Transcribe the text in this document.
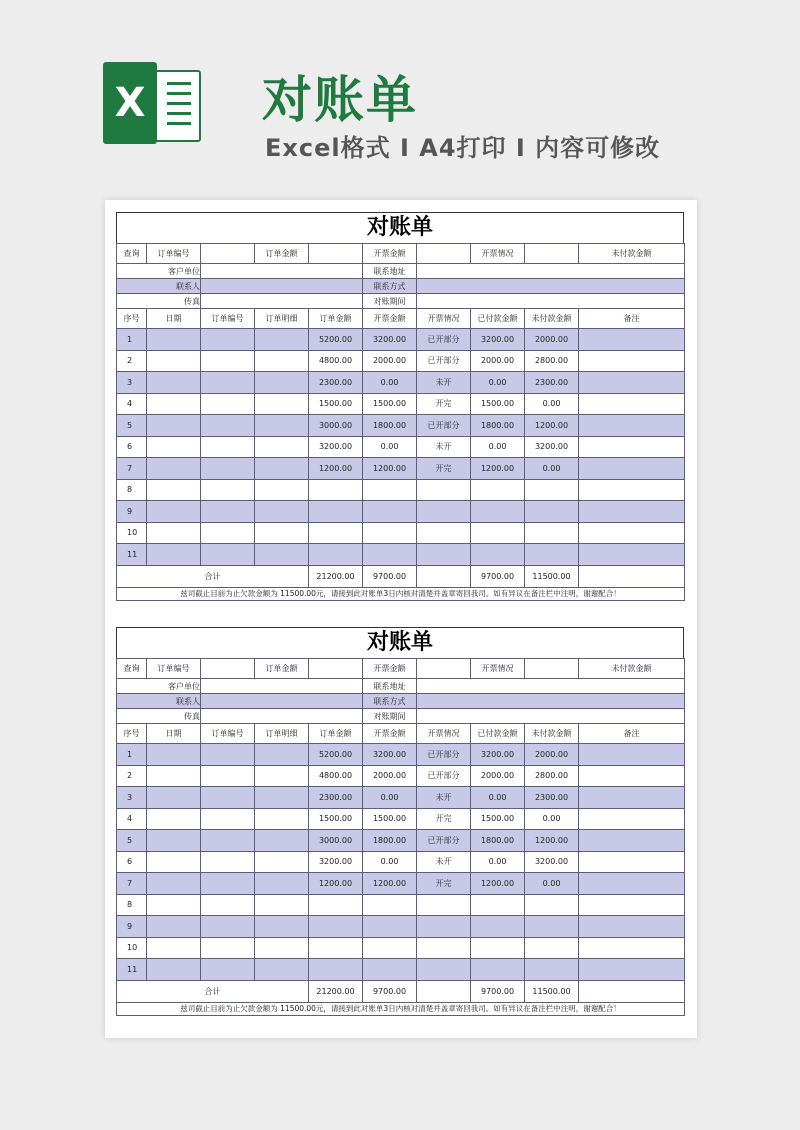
X 对账单
Excel格式 I A4打印 I 内容可修改
对账单
查询	订单编号		订单金额		开票金额		开票情况		未付款金额
客户单位					联系地址				
联系人					联系方式				
传真					对账期间				
序号	日期	订单编号	订单明细	订单金额	开票金额	开票情况	已付款金额	未付款金额	备注
1				5200.00	3200.00	已开部分	3200.00	2000.00	
2				4800.00	2000.00	已开部分	2000.00	2800.00	
3				2300.00	0.00	未开	0.00	2300.00	
4				1500.00	1500.00	开完	1500.00	0.00	
5				3000.00	1800.00	已开部分	1800.00	1200.00	
6				3200.00	0.00	未开	0.00	3200.00	
7				1200.00	1200.00	开完	1200.00	0.00	
8									
9									
10									
11									
合计				21200.00	9700.00		9700.00	11500.00	
兹司截止目前为止欠款金额为 11500.00元，请接到此对账单3日内核对清楚并盖章寄回我司。如有异议在备注栏中注明，谢谢配合！									
对账单
查询	订单编号		订单金额		开票金额		开票情况		未付款金额
客户单位					联系地址				
联系人					联系方式				
传真					对账期间				
序号	日期	订单编号	订单明细	订单金额	开票金额	开票情况	已付款金额	未付款金额	备注
1				5200.00	3200.00	已开部分	3200.00	2000.00	
2				4800.00	2000.00	已开部分	2000.00	2800.00	
3				2300.00	0.00	未开	0.00	2300.00	
4				1500.00	1500.00	开完	1500.00	0.00	
5				3000.00	1800.00	已开部分	1800.00	1200.00	
6				3200.00	0.00	未开	0.00	3200.00	
7				1200.00	1200.00	开完	1200.00	0.00	
8									
9									
10									
11									
合计				21200.00	9700.00		9700.00	11500.00	
兹司截止目前为止欠款金额为 11500.00元，请接到此对账单3日内核对清楚并盖章寄回我司。如有异议在备注栏中注明，谢谢配合！									
